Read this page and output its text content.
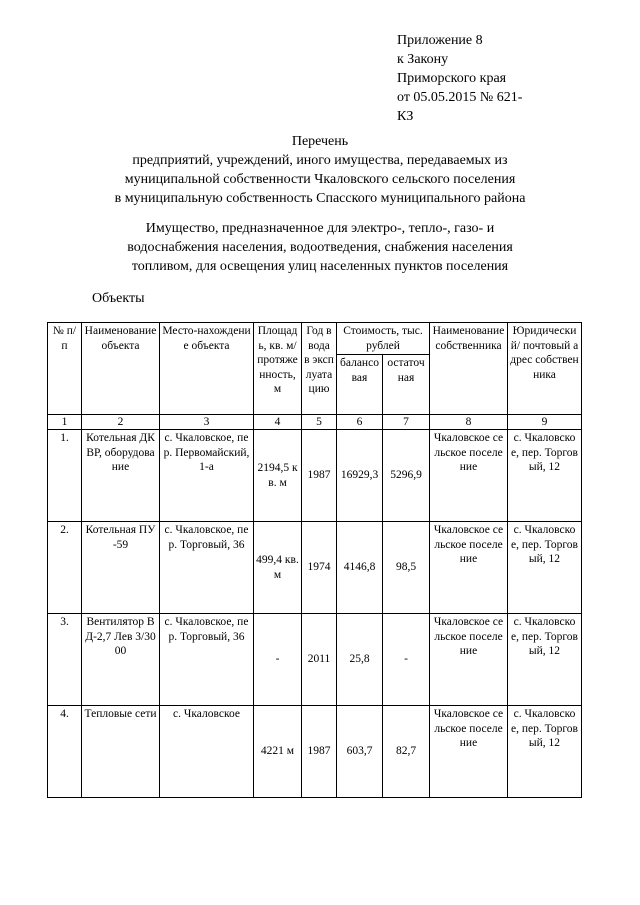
Приложение 8
к Закону
Приморского края
от 05.05.2015 № 621-
КЗ
Перечень
предприятий, учреждений, иного имущества, передаваемых из
муниципальной собственности Чкаловского сельского поселения
в муниципальную собственность Спасского муниципального района
Имущество, предназначенное для электро-, тепло-, газо- и
водоснабжения населения, водоотведения, снабжения населения
топливом, для освещения улиц населенных пунктов поселения
Объекты
№ п/п	Наименование объекта	Место-нахождение объекта	Площадь, кв. м/ протяженность, м	Год ввода в эксплуатацию	Стоимость, тыс. рублей		Наименование собственника	Юридический/ почтовый адрес собственника
					балансовая	остаточная		
1	2	3	4	5	6	7	8	9
1.	Котельная ДКВР, оборудование	с. Чкаловское, пер. Первомайский, 1-а	2194,5 кв. м	1987	16929,3	5296,9	Чкаловское сельское поселение	с. Чкаловское, пер. Торговый, 12
2.	Котельная ПУ-59	с. Чкаловское, пер. Торговый, 36	499,4 кв. м	1974	4146,8	98,5	Чкаловское сельское поселение	с. Чкаловское, пер. Торговый, 12
3.	Вентилятор ВД-2,7 Лев 3/3000	с. Чкаловское, пер. Торговый, 36	-	2011	25,8	-	Чкаловское сельское поселение	с. Чкаловское, пер. Торговый, 12
4.	Тепловые сети	с. Чкаловское	4221 м	1987	603,7	82,7	Чкаловское сельское поселение	с. Чкаловское, пер. Торговый, 12
